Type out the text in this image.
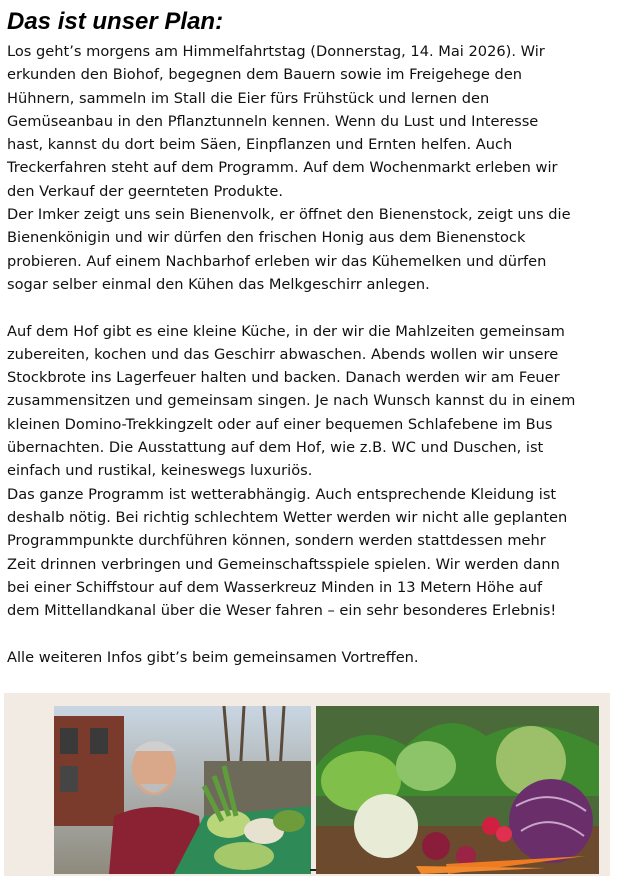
Das ist unser Plan:

Los geht’s morgens am Himmelfahrtstag (Donnerstag, 14. Mai 2026). Wir

erkunden den Biohof, begegnen dem Bauern sowie im Freigehege den

Hühnern, sammeln im Stall die Eier fürs Frühstück und lernen den

Gemüseanbau in den Pflanztunneln kennen. Wenn du Lust und Interesse

hast, kannst du dort beim Säen, Einpflanzen und Ernten helfen. Auch

Treckerfahren steht auf dem Programm. Auf dem Wochenmarkt erleben wir

den Verkauf der geernteten Produkte.

Der Imker zeigt uns sein Bienenvolk, er öffnet den Bienenstock, zeigt uns die

Bienenkönigin und wir dürfen den frischen Honig aus dem Bienenstock

probieren. Auf einem Nachbarhof erleben wir das Kühemelken und dürfen

sogar selber einmal den Kühen das Melkgeschirr anlegen.

Auf dem Hof gibt es eine kleine Küche, in der wir die Mahlzeiten gemeinsam

zubereiten, kochen und das Geschirr abwaschen. Abends wollen wir unsere

Stockbrote ins Lagerfeuer halten und backen. Danach werden wir am Feuer

zusammensitzen und gemeinsam singen. Je nach Wunsch kannst du in einem

kleinen Domino-Trekkingzelt oder auf einer bequemen Schlafebene im Bus

übernachten. Die Ausstattung auf dem Hof, wie z.B. WC und Duschen, ist

einfach und rustikal, keineswegs luxuriös.

Das ganze Programm ist wetterabhängig. Auch entsprechende Kleidung ist

deshalb nötig. Bei richtig schlechtem Wetter werden wir nicht alle geplanten

Programmpunkte durchführen können, sondern werden stattdessen mehr

Zeit drinnen verbringen und Gemeinschaftsspiele spielen. Wir werden dann

bei einer Schiffstour auf dem Wasserkreuz Minden in 13 Metern Höhe auf

dem Mittellandkanal über die Weser fahren – ein sehr besonderes Erlebnis!

Alle weiteren Infos gibt’s beim gemeinsamen Vortreffen.
